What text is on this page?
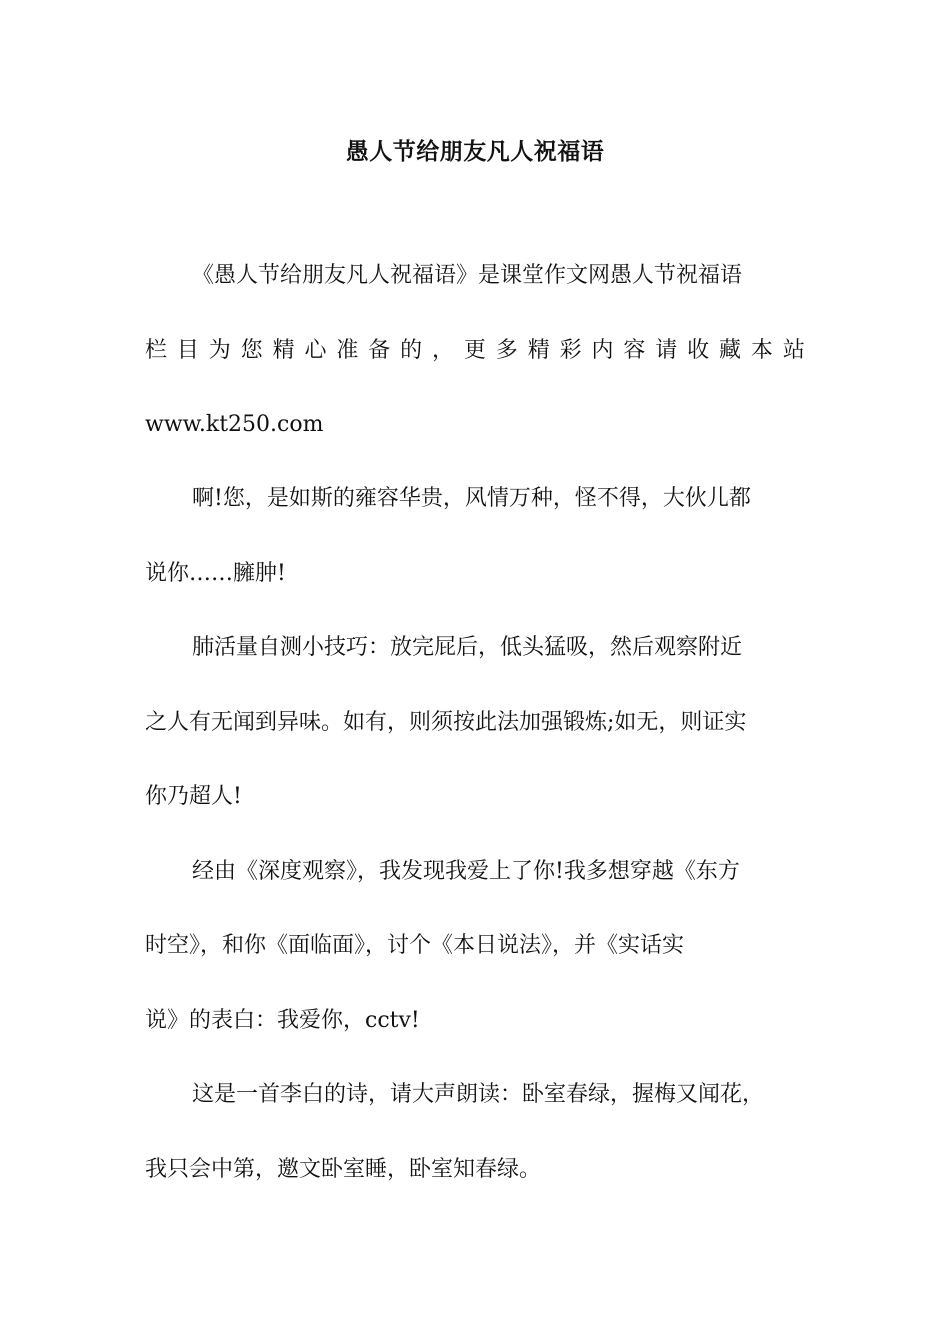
愚人节给朋友凡人祝福语
《愚人节给朋友凡人祝福语》是课堂作文网愚人节祝福语
栏 目 为 您 精 心 准 备 的 ， 更 多 精 彩 内 容 请 收 藏 本 站
www.kt250.com
啊!您，是如斯的雍容华贵，风情万种，怪不得，大伙儿都
说你……臃肿!
肺活量自测小技巧：放完屁后，低头猛吸，然后观察附近
之人有无闻到异味。如有，则须按此法加强锻炼;如无，则证实
你乃超人!
经由《深度观察》，我发现我爱上了你!我多想穿越《东方
时空》，和你《面临面》，讨个《本日说法》，并《实话实
说》的表白：我爱你，cctv!
这是一首李白的诗，请大声朗读：卧室春绿，握梅又闻花，
我只会中第，邀文卧室睡，卧室知春绿。
